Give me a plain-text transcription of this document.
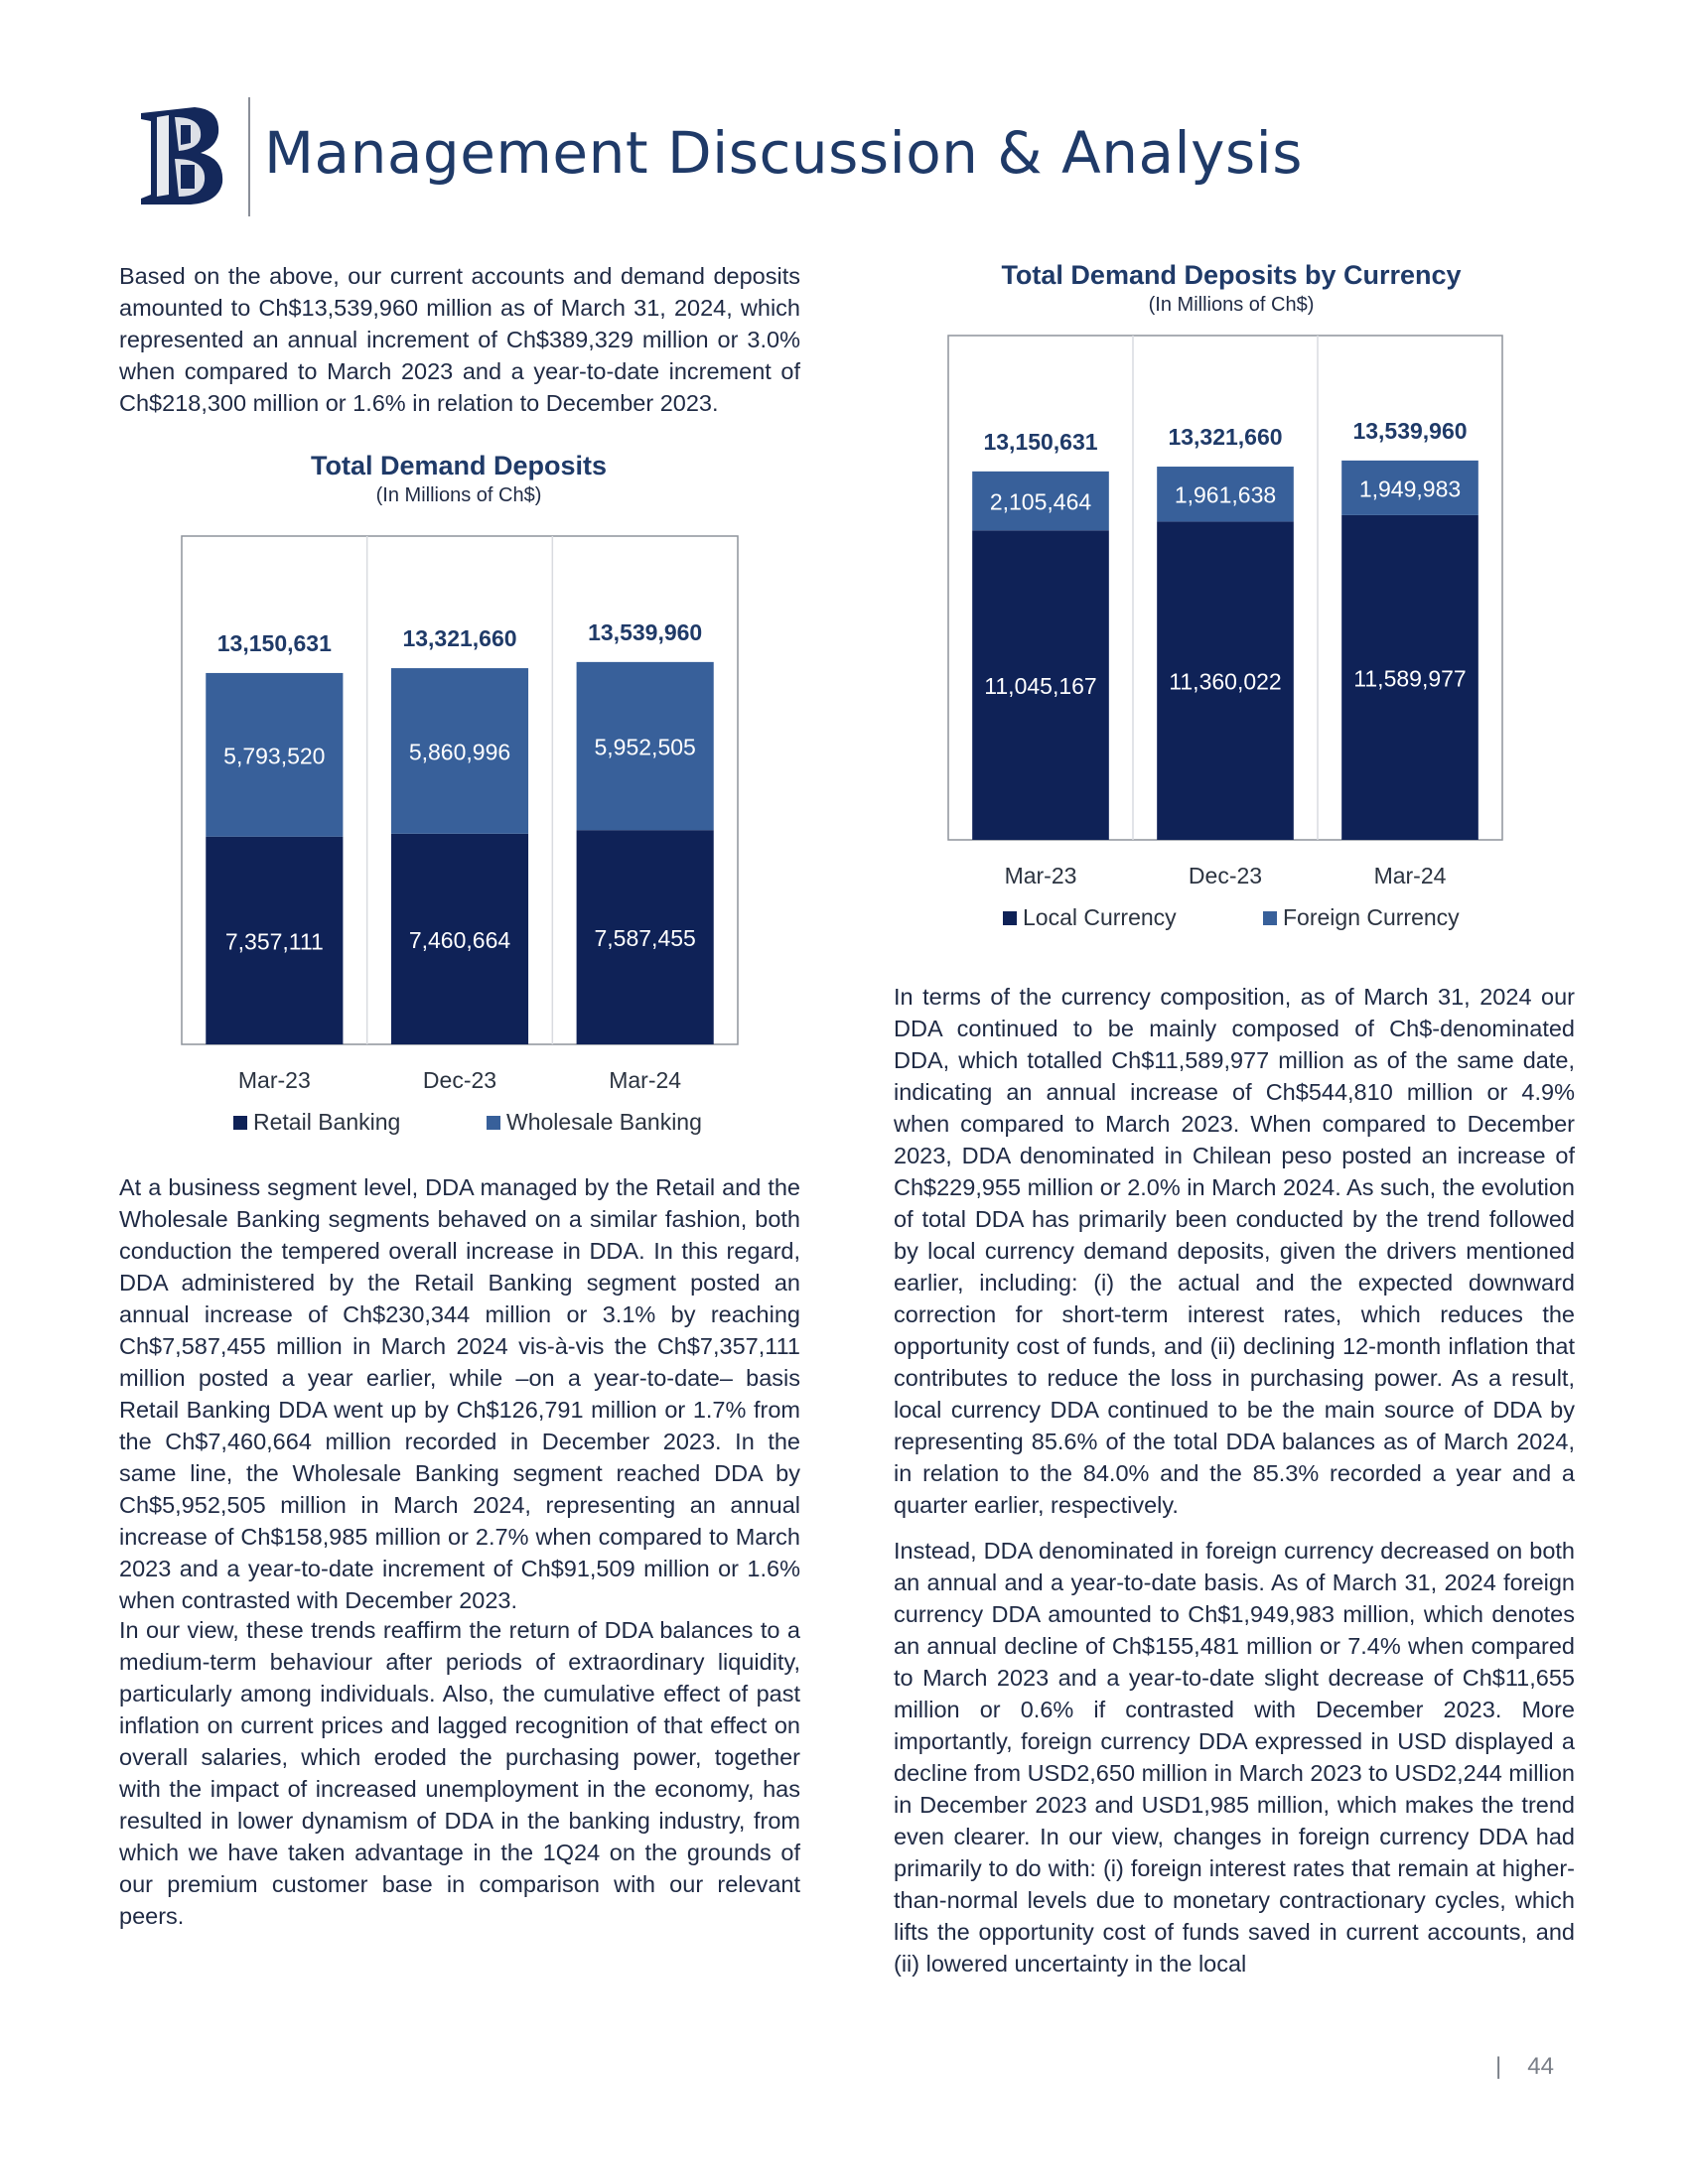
Management Discussion & Analysis

Based on the above, our current accounts and demand deposits amounted to Ch$13,539,960 million as of March 31, 2024, which represented an annual increment of Ch$389,329 million or 3.0% when compared to March 2023 and a year-to-date increment of Ch$218,300 million or 1.6% in relation to December 2023.

Total Demand Deposits
(In Millions of Ch$)
7,357,111
5,793,520
13,150,631
Mar-23
7,460,664
5,860,996
13,321,660
Dec-23
7,587,455
5,952,505
13,539,960
Mar-24
Retail Banking	Wholesale Banking

At a business segment level, DDA managed by the Retail and the Wholesale Banking segments behaved on a similar fashion, both conduction the tempered overall increase in DDA. In this regard, DDA administered by the Retail Banking segment posted an annual increase of Ch$230,344 million or 3.1% by reaching Ch$7,587,455 million in March 2024 vis-à-vis the Ch$7,357,111 million posted a year earlier, while –on a year-to-date– basis Retail Banking DDA went up by Ch$126,791 million or 1.7% from the Ch$7,460,664 million recorded in December 2023. In the same line, the Wholesale Banking segment reached DDA by Ch$5,952,505 million in March 2024, representing an annual increase of Ch$158,985 million or 2.7% when compared to March 2023 and a year-to-date increment of Ch$91,509 million or 1.6% when contrasted with December 2023.

In our view, these trends reaffirm the return of DDA balances to a medium-term behaviour after periods of extraordinary liquidity, particularly among individuals. Also, the cumulative effect of past inflation on current prices and lagged recognition of that effect on overall salaries, which eroded the purchasing power, together with the impact of increased unemployment in the economy, has resulted in lower dynamism of DDA in the banking industry, from which we have taken advantage in the 1Q24 on the grounds of our premium customer base in comparison with our relevant peers.

Total Demand Deposits by Currency
(In Millions of Ch$)
11,045,167
2,105,464
13,150,631
Mar-23
11,360,022
1,961,638
13,321,660
Dec-23
11,589,977
1,949,983
13,539,960
Mar-24
Local Currency	Foreign Currency

In terms of the currency composition, as of March 31, 2024 our DDA continued to be mainly composed of Ch$-denominated DDA, which totalled Ch$11,589,977 million as of the same date, indicating an annual increase of Ch$544,810 million or 4.9% when compared to March 2023. When compared to December 2023, DDA denominated in Chilean peso posted an increase of Ch$229,955 million or 2.0% in March 2024. As such, the evolution of total DDA has primarily been conducted by the trend followed by local currency demand deposits, given the drivers mentioned earlier, including: (i) the actual and the expected downward correction for short-term interest rates, which reduces the opportunity cost of funds, and (ii) declining 12-month inflation that contributes to reduce the loss in purchasing power. As a result, local currency DDA continued to be the main source of DDA by representing 85.6% of the total DDA balances as of March 2024, in relation to the 84.0% and the 85.3% recorded a year and a quarter earlier, respectively.

Instead, DDA denominated in foreign currency decreased on both an annual and a year-to-date basis. As of March 31, 2024 foreign currency DDA amounted to Ch$1,949,983 million, which denotes an annual decline of Ch$155,481 million or 7.4% when compared to March 2023 and a year-to-date slight decrease of Ch$11,655 million or 0.6% if contrasted with December 2023. More importantly, foreign currency DDA expressed in USD displayed a decline from USD2,650 million in March 2023 to USD2,244 million in December 2023 and USD1,985 million, which makes the trend even clearer. In our view, changes in foreign currency DDA had primarily to do with: (i) foreign interest rates that remain at higher-than-normal levels due to monetary contractionary cycles, which lifts the opportunity cost of funds saved in current accounts, and (ii) lowered uncertainty in the local

| 44
